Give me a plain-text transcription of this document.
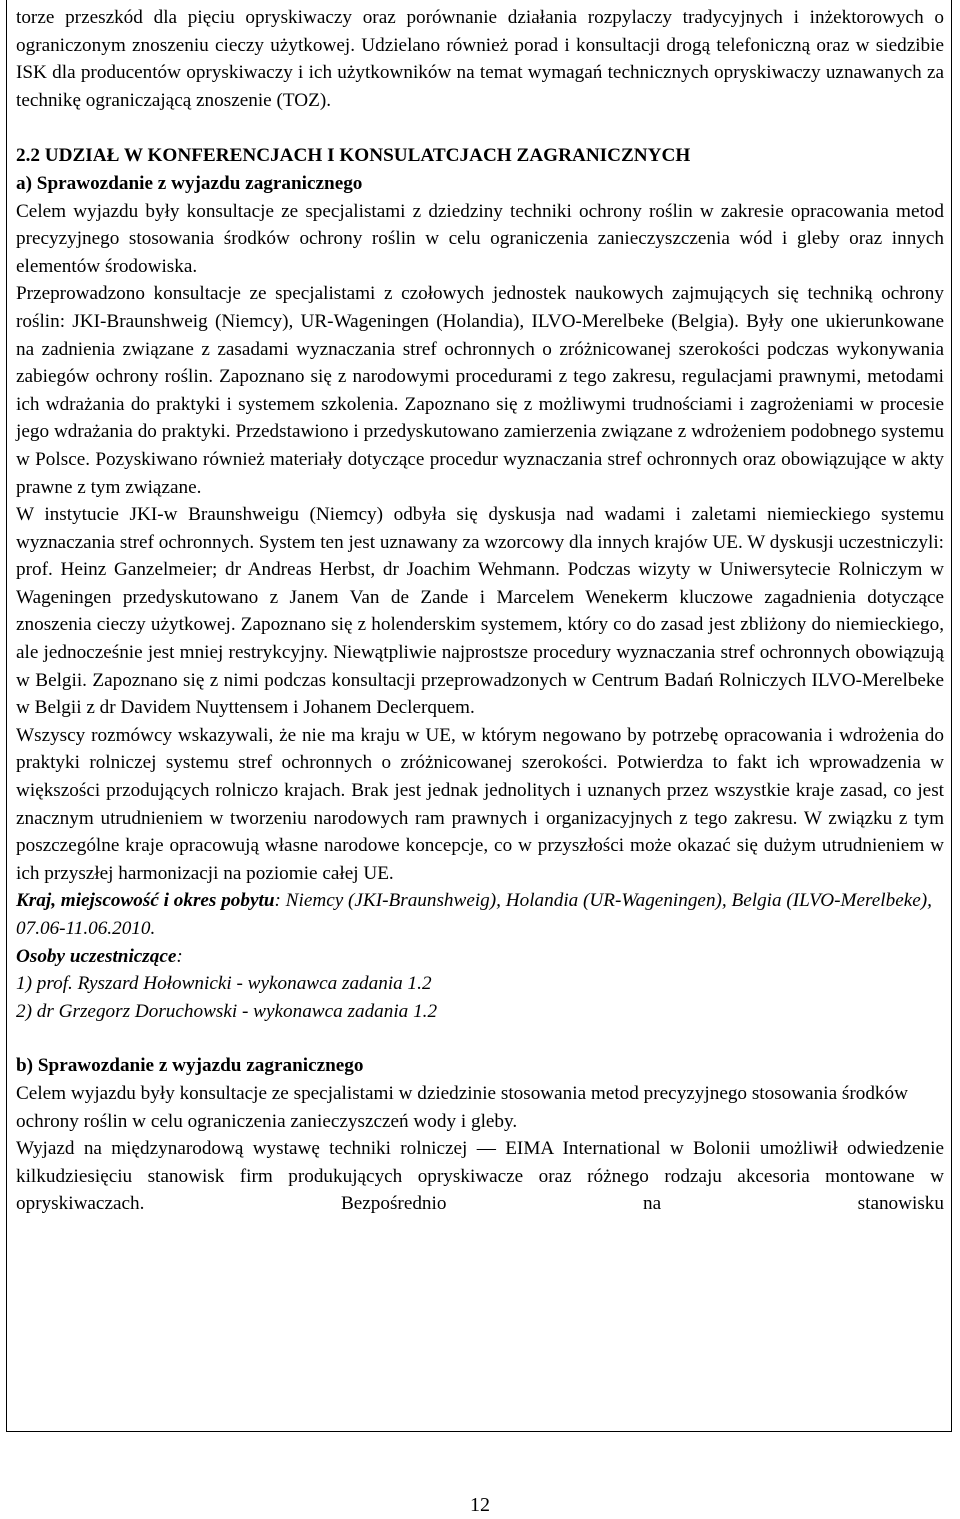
torze przeszkód dla pięciu opryskiwaczy oraz porównanie działania rozpylaczy tradycyjnych i inżektorowych o ograniczonym znoszeniu cieczy użytkowej. Udzielano również porad i konsultacji drogą telefoniczną oraz w siedzibie ISK dla producentów opryskiwaczy i ich użytkowników na temat wymagań technicznych opryskiwaczy uznawanych za technikę ograniczającą znoszenie (TOZ).

2.2 UDZIAŁ W KONFERENCJACH I KONSULATCJACH ZAGRANICZNYCH

a) Sprawozdanie z wyjazdu zagranicznego

Celem wyjazdu były konsultacje ze specjalistami z dziedziny techniki ochrony roślin w zakresie opracowania metod precyzyjnego stosowania środków ochrony roślin w celu ograniczenia zanieczyszczenia wód i gleby oraz innych elementów środowiska.

Przeprowadzono konsultacje ze specjalistami z czołowych jednostek naukowych zajmujących się techniką ochrony roślin: JKI-Braunshweig (Niemcy), UR-Wageningen (Holandia), ILVO-Merelbeke (Belgia). Były one ukierunkowane na zadnienia związane z zasadami wyznaczania stref ochronnych o zróżnicowanej szerokości podczas wykonywania zabiegów ochrony roślin. Zapoznano się z narodowymi procedurami z tego zakresu, regulacjami prawnymi, metodami ich wdrażania do praktyki i systemem szkolenia. Zapoznano się z możliwymi trudnościami i zagrożeniami w procesie jego wdrażania do praktyki. Przedstawiono i przedyskutowano zamierzenia związane z wdrożeniem podobnego systemu w Polsce. Pozyskiwano również materiały dotyczące procedur wyznaczania stref ochronnych oraz obowiązujące w akty prawne z tym związane.

W instytucie JKI-w Braunshweigu (Niemcy) odbyła się dyskusja nad wadami i zaletami niemieckiego systemu wyznaczania stref ochronnych. System ten jest uznawany za wzorcowy dla innych krajów UE. W dyskusji uczestniczyli: prof. Heinz Ganzelmeier; dr Andreas Herbst, dr Joachim Wehmann. Podczas wizyty w Uniwersytecie Rolniczym w Wageningen przedyskutowano z Janem Van de Zande i Marcelem Wenekerm kluczowe zagadnienia dotyczące znoszenia cieczy użytkowej. Zapoznano się z holenderskim systemem, który co do zasad jest zbliżony do niemieckiego, ale jednocześnie jest mniej restrykcyjny. Niewątpliwie najprostsze procedury wyznaczania stref ochronnych obowiązują w Belgii. Zapoznano się z nimi podczas konsultacji przeprowadzonych w Centrum Badań Rolniczych ILVO-Merelbeke w Belgii z dr Davidem Nuyttensem i Johanem Declerquem.

Wszyscy rozmówcy wskazywali, że nie ma kraju w UE, w którym negowano by potrzebę opracowania i wdrożenia do praktyki rolniczej systemu stref ochronnych o zróżnicowanej szerokości. Potwierdza to fakt ich wprowadzenia w większości przodujących rolniczo krajach. Brak jest jednak jednolitych i uznanych przez wszystkie kraje zasad, co jest znacznym utrudnieniem w tworzeniu narodowych ram prawnych i organizacyjnych z tego zakresu. W związku z tym poszczególne kraje opracowują własne narodowe koncepcje, co w przyszłości może okazać się dużym utrudnieniem w ich przyszłej harmonizacji na poziomie całej UE.

Kraj, miejscowość i okres pobytu: Niemcy (JKI-Braunshweig), Holandia (UR-Wageningen), Belgia (ILVO-Merelbeke), 07.06-11.06.2010.

Osoby uczestniczące:

1) prof. Ryszard Hołownicki - wykonawca zadania 1.2

2) dr Grzegorz Doruchowski - wykonawca zadania 1.2

b) Sprawozdanie z wyjazdu zagranicznego

Celem wyjazdu były konsultacje ze specjalistami w dziedzinie stosowania metod precyzyjnego stosowania środków ochrony roślin w celu ograniczenia zanieczyszczeń wody i gleby.

Wyjazd na międzynarodową wystawę techniki rolniczej — EIMA International w Bolonii umożliwił odwiedzenie kilkudziesięciu stanowisk firm produkujących opryskiwacze oraz różnego rodzaju akcesoria montowane w opryskiwaczach. Bezpośrednio na stanowisku

12
